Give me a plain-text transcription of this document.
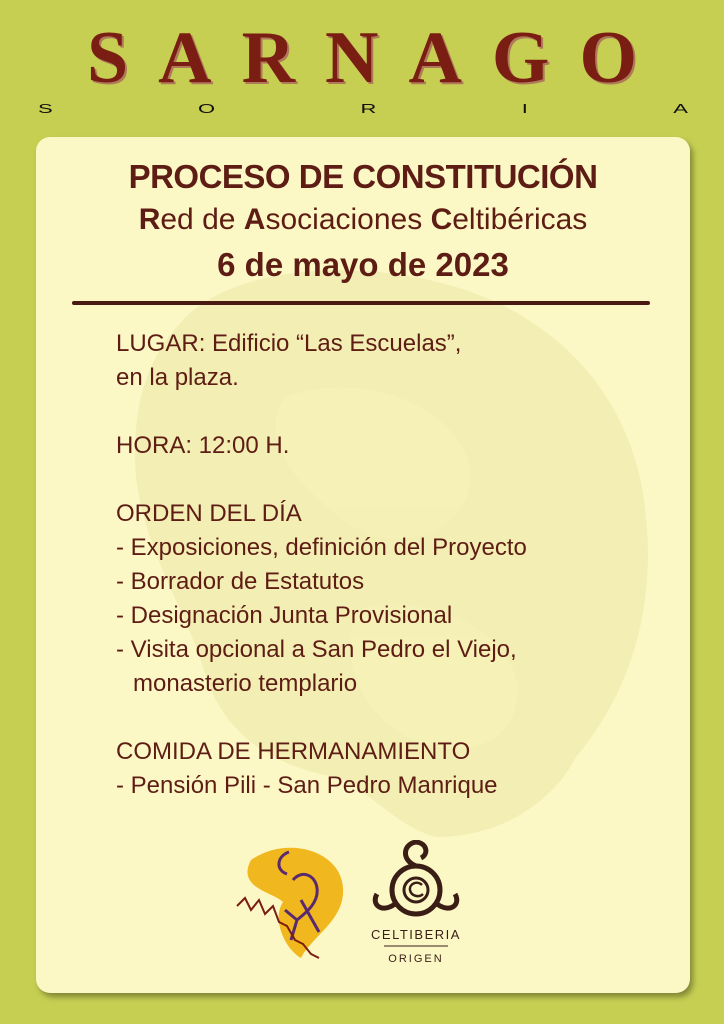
SARNAGO
S	O	R	I	A
PROCESO DE CONSTITUCIÓN
Red de Asociaciones Celtibéricas
6 de mayo de 2023
LUGAR: Edificio “Las Escuelas”,
en la plaza.
HORA: 12:00 H.
ORDEN DEL DÍA
- Exposiciones, definición del Proyecto
- Borrador de Estatutos
- Designación Junta Provisional
- Visita opcional a San Pedro el Viejo,
monasterio templario
COMIDA DE HERMANAMIENTO
- Pensión Pili - San Pedro Manrique
CELTIBERIA
ORIGEN
